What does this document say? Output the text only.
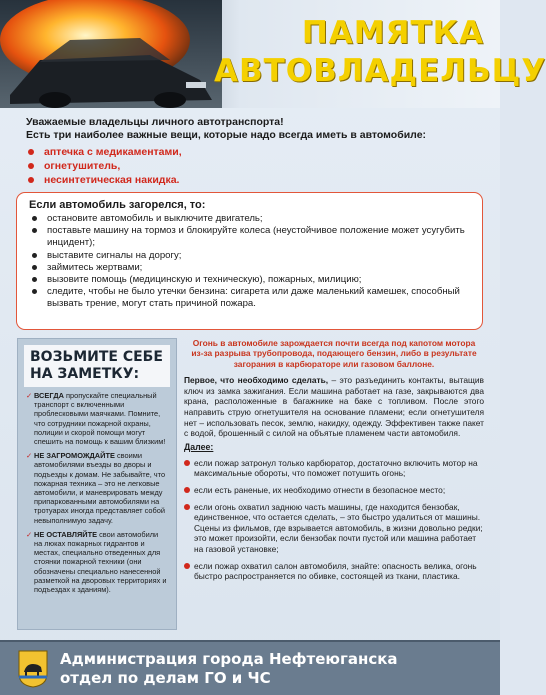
ПАМЯТКА
АВТОВЛАДЕЛЬЦУ
Уважаемые владельцы личного автотранспорта!
Есть три наиболее важные вещи, которые надо всегда иметь в автомобиле:
аптечка с медикаментами,
огнетушитель,
несинтетическая накидка.
Если автомобиль загорелся, то:
остановите автомобиль и выключите двигатель;
поставьте машину на тормоз и блокируйте колеса (неустойчивое положение может усугубить инцидент);
выставите сигналы на дорогу;
займитесь жертвами;
вызовите помощь (медицинскую и техническую), пожарных, милицию;
следите, чтобы не было утечки бензина: сигарета или даже маленький камешек, способный вызвать трение, могут стать причиной пожара.
ВОЗЬМИТЕ СЕБЕ
НА ЗАМЕТКУ:

✓ ВСЕГДА пропускайте специальный транспорт с включенными проблесковыми маячками. Помните, что сотрудники пожарной охраны, полиции и скорой помощи могут спешить на помощь к вашим близким!

✓ НЕ ЗАГРОМОЖДАЙТЕ своими автомобилями въезды во дворы и подъезды к домам. Не забывайте, что пожарная техника – это не легковые автомобили, и маневрировать между припаркованными автомобилями на тротуарах иногда представляет собой невыполнимую задачу.

✓ НЕ ОСТАВЛЯЙТЕ свои автомобили на люках пожарных гидрантов и местах, специально отведенных для стоянки пожарной техники (они обозначены специально нанесенной разметкой на дворовых территориях и подъездах к зданиям).

Огонь в автомобиле зарождается почти всегда под капотом мотора из-за разрыва трубопровода, подающего бензин, либо в результате загорания в карбюраторе или газовом баллоне.

Первое, что необходимо сделать, – это разъединить контакты, вытащив ключ из замка зажигания. Если машина работает на газе, закрываются два крана, расположенные в багажнике на баке с топливом. После этого направить струю огнетушителя на основание пламени; если огнетушителя нет – использовать песок, землю, накидку, одежду. Эффективен также пакет с водой, брошенный с силой на объятые пламенем части автомобиля.

Далее:
если пожар затронул только карбюратор, достаточно включить мотор на максимальные обороты, что поможет потушить огонь;
если есть раненые, их необходимо отнести в безопасное место;
если огонь охватил заднюю часть машины, где находится бензобак, единственное, что остается сделать, – это быстро удалиться от машины. Сцены из фильмов, где взрывается автомобиль, в жизни довольно редки; это может произойти, если бензобак почти пустой или машина работает на газовой установке;
если пожар охватил салон автомобиля, знайте: опасность велика, огонь быстро распространяется по обивке, состоящей из ткани, пластика.
Администрация города Нефтеюганска
отдел по делам ГО и ЧС
